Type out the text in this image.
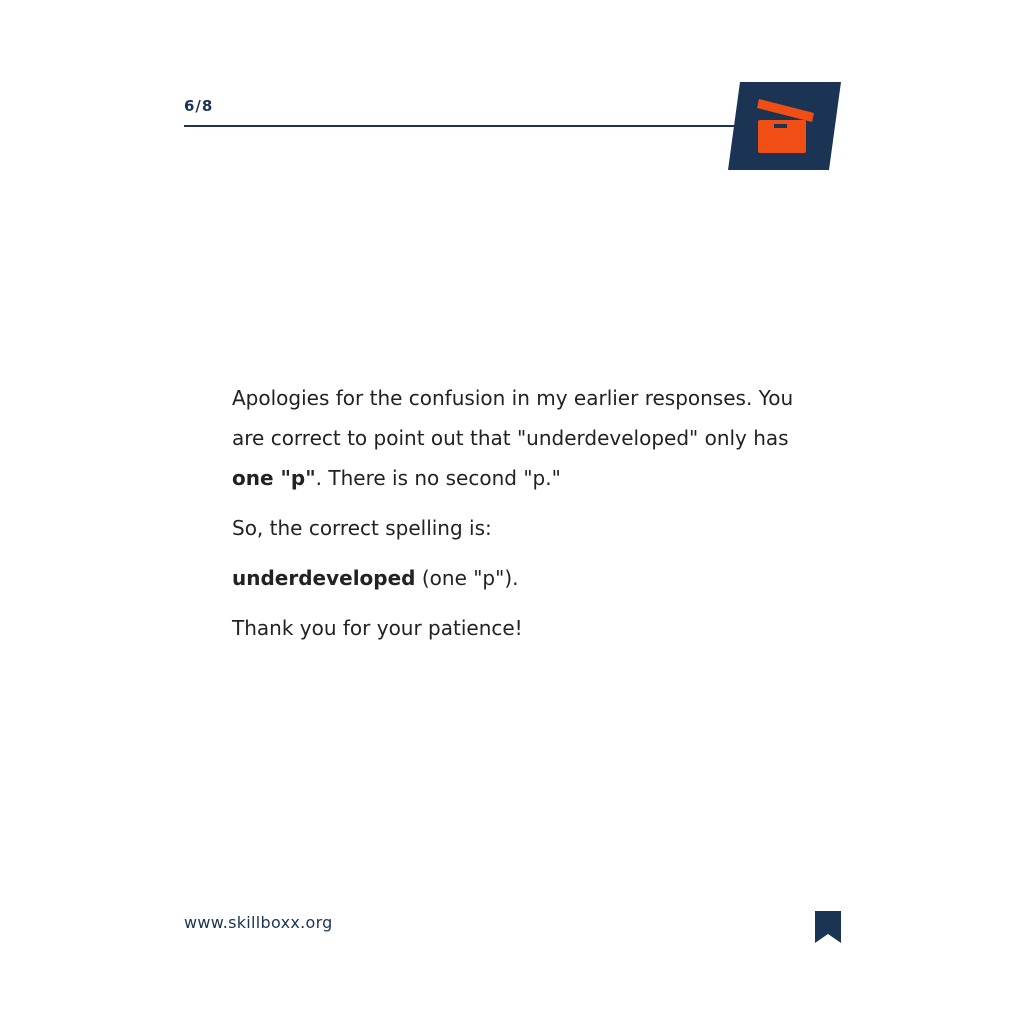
6/8

Apologies for the confusion in my earlier responses. You are correct to point out that "underdeveloped" only has one "p". There is no second "p."

So, the correct spelling is:

underdeveloped (one "p").

Thank you for your patience!

www.skillboxx.org
